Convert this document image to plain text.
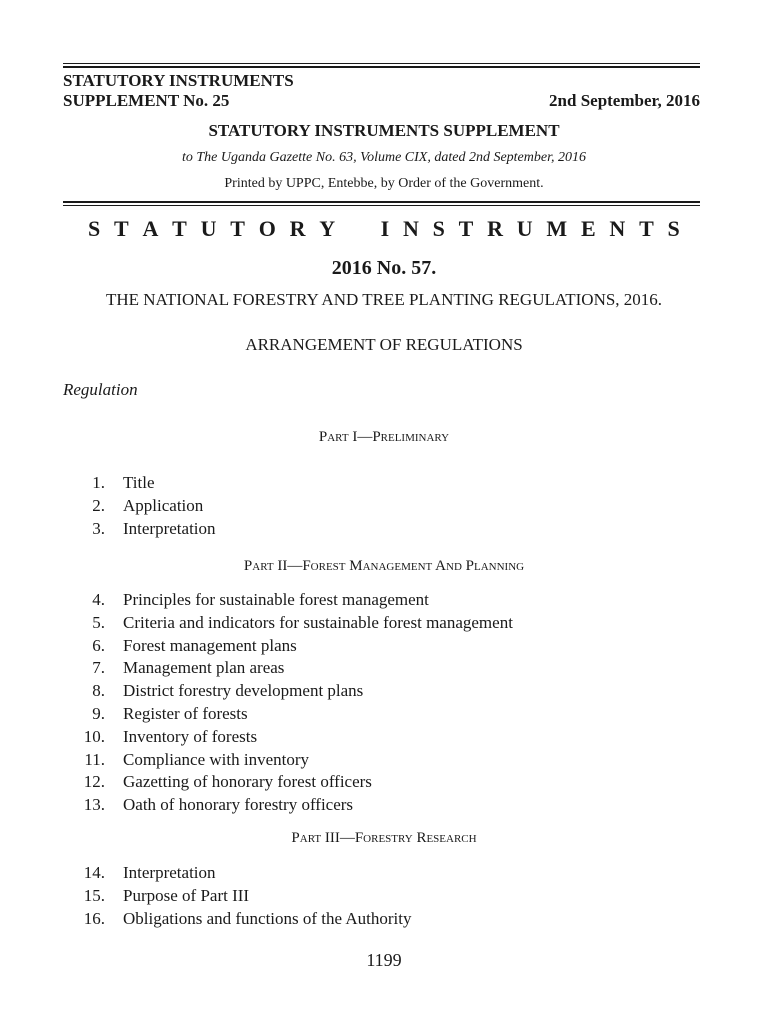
STATUTORY INSTRUMENTS
SUPPLEMENT No. 25	2nd September, 2016
STATUTORY INSTRUMENTS SUPPLEMENT
to The Uganda Gazette No. 63, Volume CIX, dated 2nd September, 2016
Printed by UPPC, Entebbe, by Order of the Government.
S T A T U T O R Y I N S T R U M E N T S
2016 No. 57.
THE NATIONAL FORESTRY AND TREE PLANTING REGULATIONS, 2016.
ARRANGEMENT OF REGULATIONS
Regulation
Part I—Preliminary
1.	Title
2.	Application
3.	Interpretation
Part II—Forest Management And Planning
4.	Principles for sustainable forest management
5.	Criteria and indicators for sustainable forest management
6.	Forest management plans
7.	Management plan areas
8.	District forestry development plans
9.	Register of forests
10.	Inventory of forests
11.	Compliance with inventory
12.	Gazetting of honorary forest officers
13.	Oath of honorary forestry officers
Part III—Forestry Research
14.	Interpretation
15.	Purpose of Part III
16.	Obligations and functions of the Authority
1199
